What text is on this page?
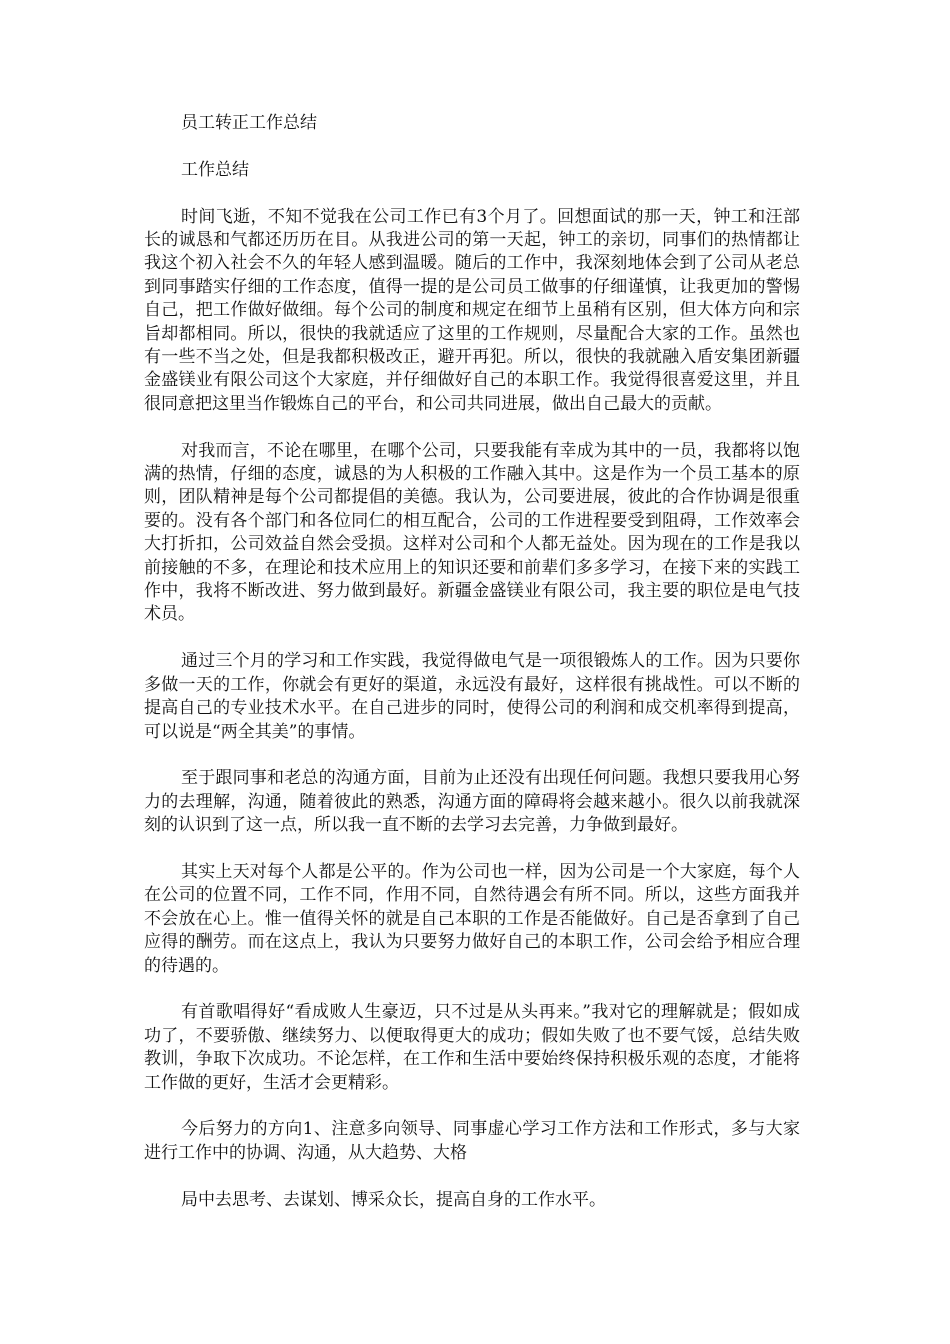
员工转正工作总结

工作总结

时间飞逝，不知不觉我在公司工作已有3个月了。回想面试的那一天，钟工和汪部长的诚恳和气都还历历在目。从我进公司的第一天起，钟工的亲切，同事们的热情都让我这个初入社会不久的年轻人感到温暖。随后的工作中，我深刻地体会到了公司从老总到同事踏实仔细的工作态度，值得一提的是公司员工做事的仔细谨慎，让我更加的警惕自己，把工作做好做细。每个公司的制度和规定在细节上虽稍有区别，但大体方向和宗旨却都相同。所以，很快的我就适应了这里的工作规则，尽量配合大家的工作。虽然也有一些不当之处，但是我都积极改正，避开再犯。所以，很快的我就融入盾安集团新疆金盛镁业有限公司这个大家庭，并仔细做好自己的本职工作。我觉得很喜爱这里，并且很同意把这里当作锻炼自己的平台，和公司共同进展，做出自己最大的贡献。

对我而言，不论在哪里，在哪个公司，只要我能有幸成为其中的一员，我都将以饱满的热情，仔细的态度，诚恳的为人积极的工作融入其中。这是作为一个员工基本的原则，团队精神是每个公司都提倡的美德。我认为，公司要进展，彼此的合作协调是很重要的。没有各个部门和各位同仁的相互配合，公司的工作进程要受到阻碍，工作效率会大打折扣，公司效益自然会受损。这样对公司和个人都无益处。因为现在的工作是我以前接触的不多，在理论和技术应用上的知识还要和前辈们多多学习，在接下来的实践工作中，我将不断改进、努力做到最好。新疆金盛镁业有限公司，我主要的职位是电气技术员。

通过三个月的学习和工作实践，我觉得做电气是一项很锻炼人的工作。因为只要你多做一天的工作，你就会有更好的渠道，永远没有最好，这样很有挑战性。可以不断的提高自己的专业技术水平。在自己进步的同时，使得公司的利润和成交机率得到提高，可以说是“两全其美”的事情。

至于跟同事和老总的沟通方面，目前为止还没有出现任何问题。我想只要我用心努力的去理解，沟通，随着彼此的熟悉，沟通方面的障碍将会越来越小。很久以前我就深刻的认识到了这一点，所以我一直不断的去学习去完善，力争做到最好。

其实上天对每个人都是公平的。作为公司也一样，因为公司是一个大家庭，每个人在公司的位置不同，工作不同，作用不同，自然待遇会有所不同。所以，这些方面我并不会放在心上。惟一值得关怀的就是自己本职的工作是否能做好。自己是否拿到了自己应得的酬劳。而在这点上，我认为只要努力做好自己的本职工作，公司会给予相应合理的待遇的。

有首歌唱得好“看成败人生豪迈，只不过是从头再来。”我对它的理解就是；假如成功了，不要骄傲、继续努力、以便取得更大的成功；假如失败了也不要气馁，总结失败教训，争取下次成功。不论怎样，在工作和生活中要始终保持积极乐观的态度，才能将工作做的更好，生活才会更精彩。

今后努力的方向1、注意多向领导、同事虚心学习工作方法和工作形式，多与大家进行工作中的协调、沟通，从大趋势、大格

局中去思考、去谋划、博采众长，提高自身的工作水平。
